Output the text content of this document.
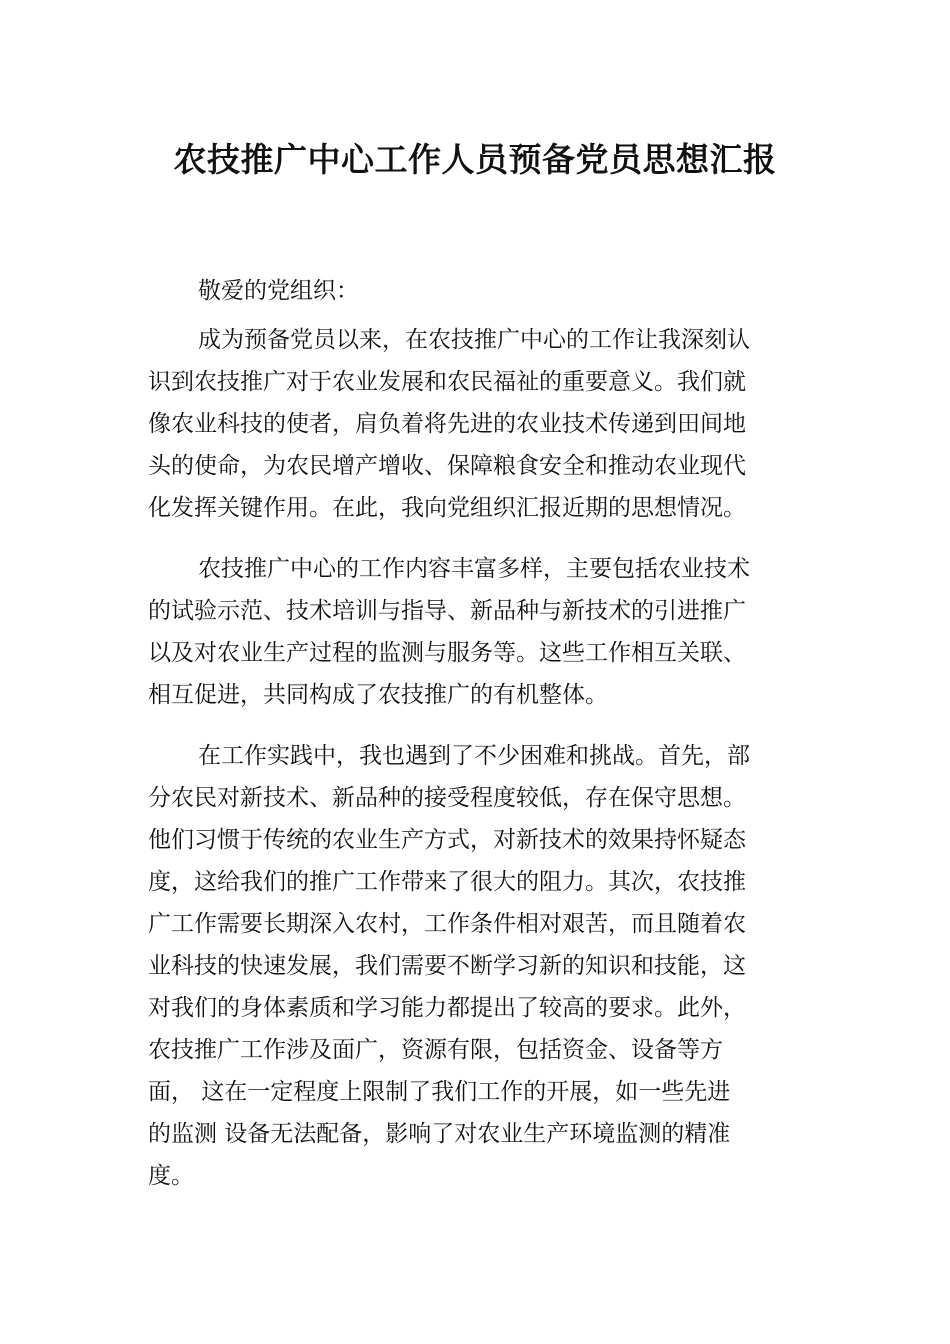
农技推广中心工作人员预备党员思想汇报
敬爱的党组织：
成为预备党员以来，在农技推广中心的工作让我深刻认
识到农技推广对于农业发展和农民福祉的重要意义。我们就
像农业科技的使者，肩负着将先进的农业技术传递到田间地
头的使命，为农民增产增收、保障粮食安全和推动农业现代
化发挥关键作用。在此，我向党组织汇报近期的思想情况。
农技推广中心的工作内容丰富多样，主要包括农业技术
的试验示范、技术培训与指导、新品种与新技术的引进推广
以及对农业生产过程的监测与服务等。这些工作相互关联、
相互促进，共同构成了农技推广的有机整体。
在工作实践中，我也遇到了不少困难和挑战。首先，部
分农民对新技术、新品种的接受程度较低，存在保守思想。
他们习惯于传统的农业生产方式，对新技术的效果持怀疑态
度，这给我们的推广工作带来了很大的阻力。其次，农技推
广工作需要长期深入农村，工作条件相对艰苦，而且随着农
业科技的快速发展，我们需要不断学习新的知识和技能，这
对我们的身体素质和学习能力都提出了较高的要求。此外，
农技推广工作涉及面广，资源有限，包括资金、设备等方
面， 这在一定程度上限制了我们工作的开展，如一些先进
的监测 设备无法配备，影响了对农业生产环境监测的精准
度。
